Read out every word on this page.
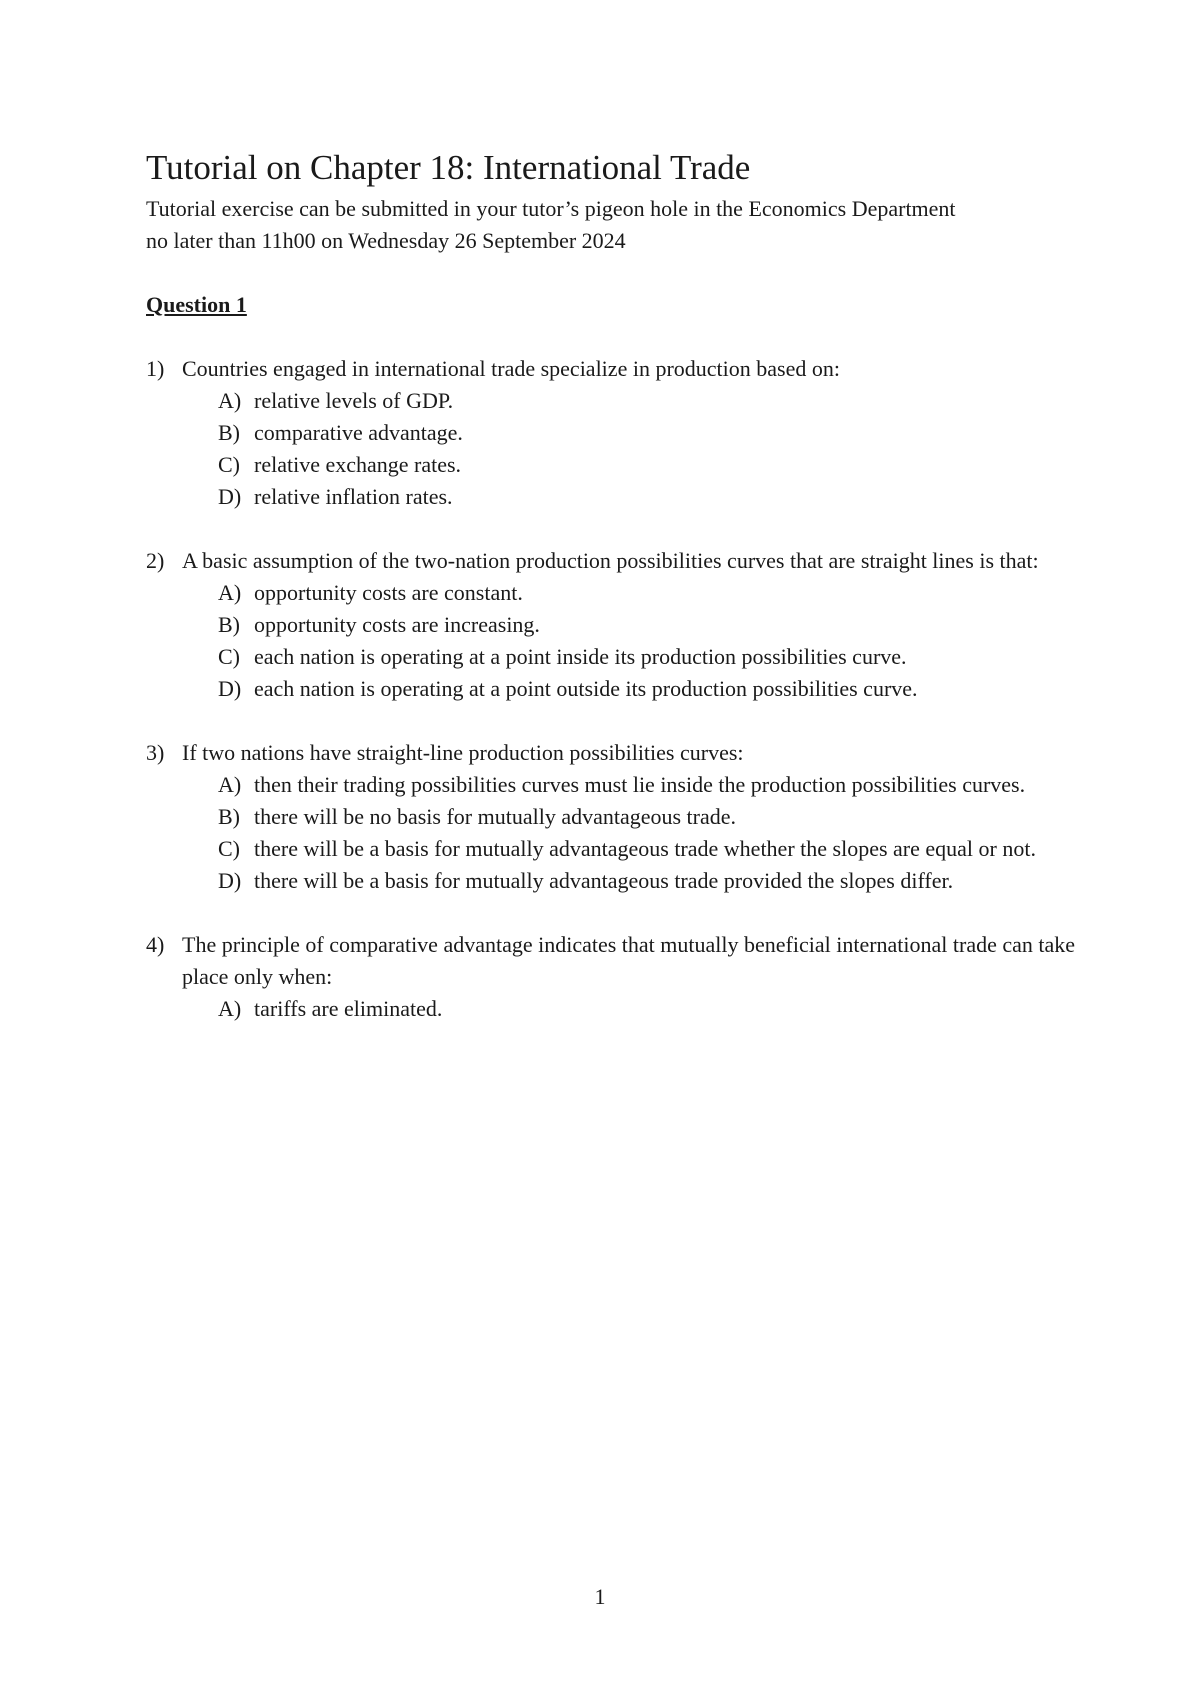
Tutorial on Chapter 18: International Trade

Tutorial exercise can be submitted in your tutor’s pigeon hole in the Economics Department
no later than 11h00 on Wednesday 26 September 2024

Question 1
1) Countries engaged in international trade specialize in production based on:
A) relative levels of GDP.
B) comparative advantage.
C) relative exchange rates.
D) relative inflation rates.
2) A basic assumption of the two-nation production possibilities curves that are straight lines is that:
A) opportunity costs are constant.
B) opportunity costs are increasing.
C) each nation is operating at a point inside its production possibilities curve.
D) each nation is operating at a point outside its production possibilities curve.
3) If two nations have straight-line production possibilities curves:
A) then their trading possibilities curves must lie inside the production possibilities curves.
B) there will be no basis for mutually advantageous trade.
C) there will be a basis for mutually advantageous trade whether the slopes are equal or not.
D) there will be a basis for mutually advantageous trade provided the slopes differ.
4) The principle of comparative advantage indicates that mutually beneficial international trade can take place only when:
A) tariffs are eliminated.
1
